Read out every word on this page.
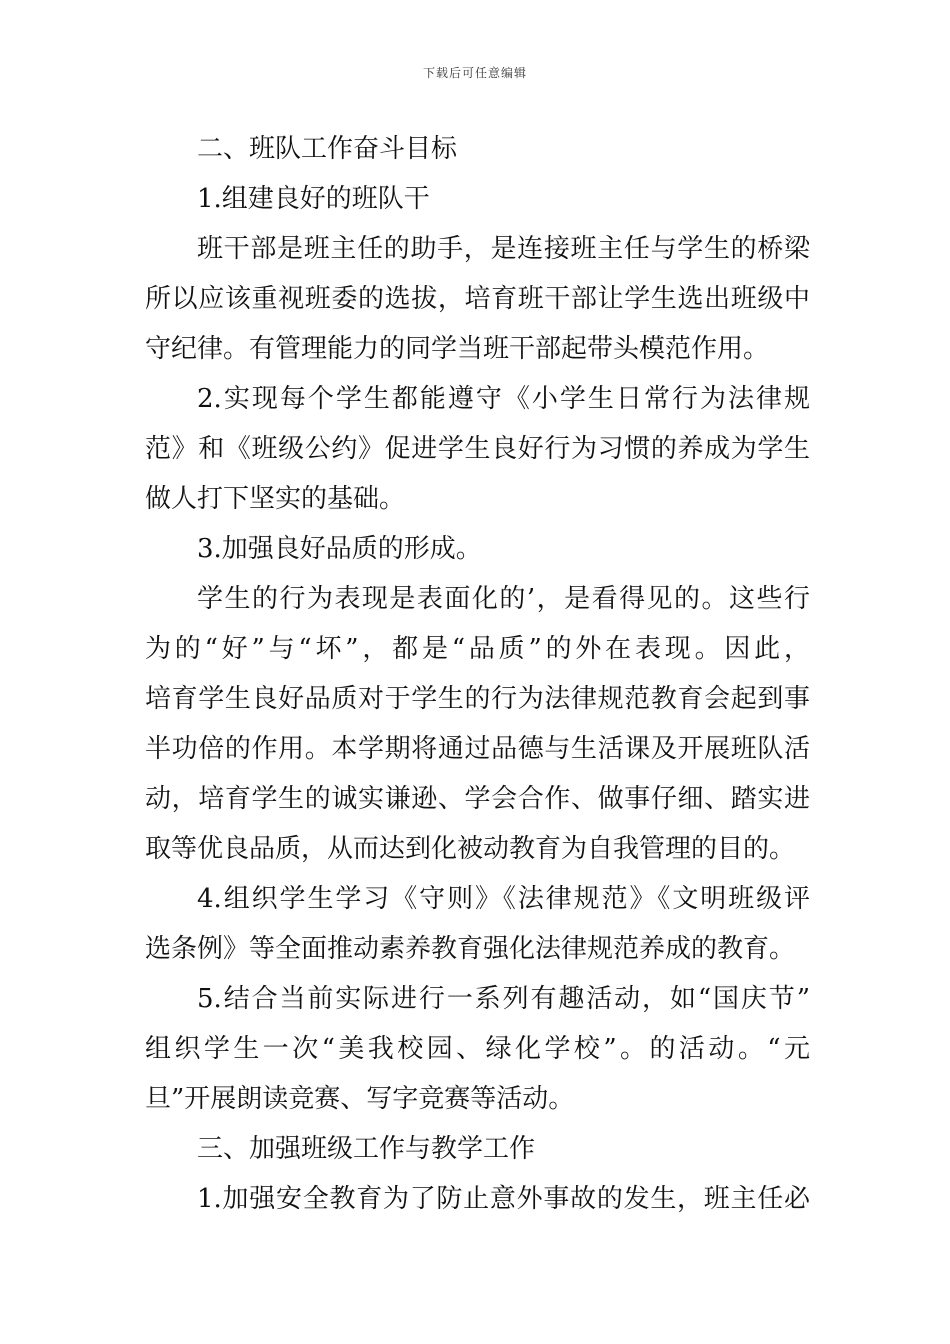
下载后可任意编辑
二、班队工作奋斗目标
1.组建良好的班队干
班干部是班主任的助手，是连接班主任与学生的桥梁
所以应该重视班委的选拔，培育班干部让学生选出班级中
守纪律。有管理能力的同学当班干部起带头模范作用。
2.实现每个学生都能遵守《小学生日常行为法律规
范》和《班级公约》促进学生良好行为习惯的养成为学生
做人打下坚实的基础。
3.加强良好品质的形成。
学生的行为表现是表面化的’，是看得见的。这些行
为的“好”与“坏”，都是“品质”的外在表现。因此，
培育学生良好品质对于学生的行为法律规范教育会起到事
半功倍的作用。本学期将通过品德与生活课及开展班队活
动，培育学生的诚实谦逊、学会合作、做事仔细、踏实进
取等优良品质，从而达到化被动教育为自我管理的目的。
4.组织学生学习《守则》《法律规范》《文明班级评
选条例》等全面推动素养教育强化法律规范养成的教育。
5.结合当前实际进行一系列有趣活动，如“国庆节”
组织学生一次“美我校园、绿化学校”。的活动。“元
旦”开展朗读竞赛、写字竞赛等活动。
三、加强班级工作与教学工作
1.加强安全教育为了防止意外事故的发生，班主任必
